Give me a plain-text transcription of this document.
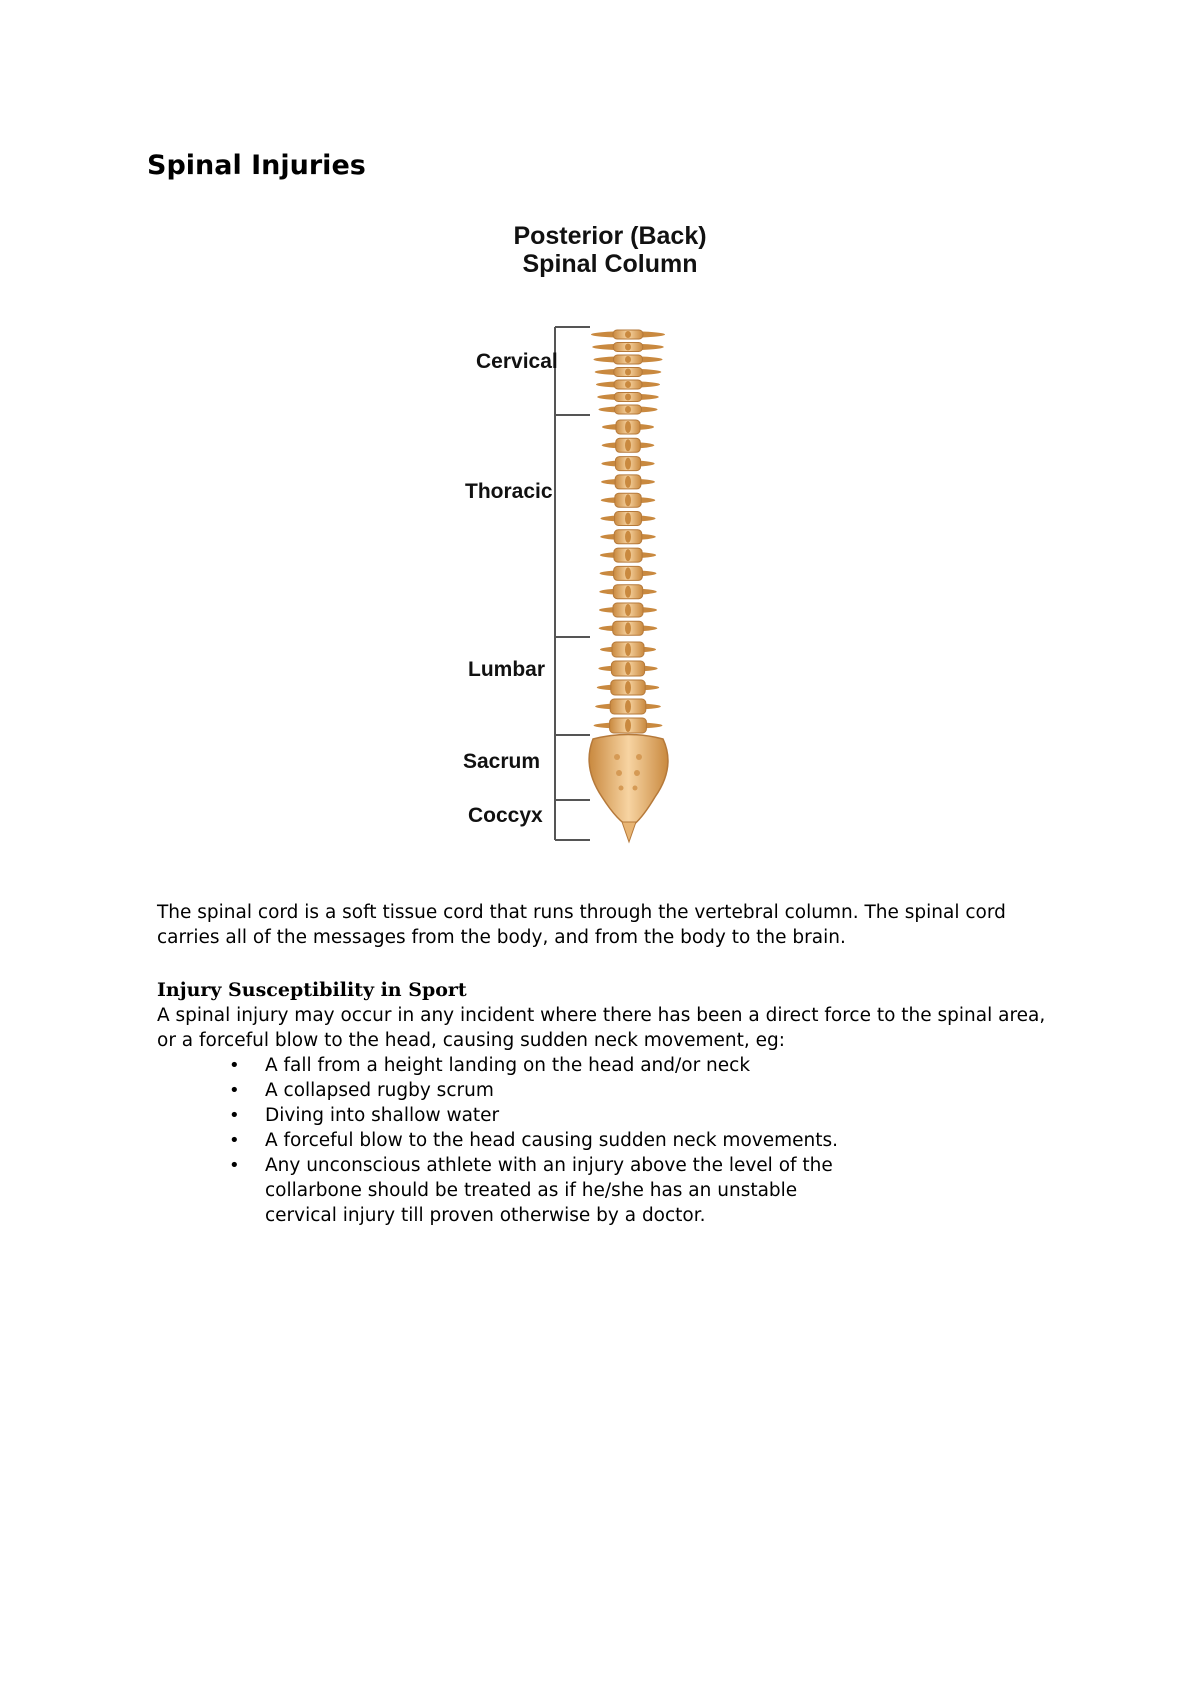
Spinal Injuries
Posterior (Back)
Spinal Column
Cervical
Thoracic
Lumbar
Sacrum
Coccyx

The spinal cord is a soft tissue cord that runs through the vertebral column. The spinal cord carries all of the messages from the body, and from the body to the brain.

Injury Susceptibility in Sport

A spinal injury may occur in any incident where there has been a direct force to the spinal area, or a forceful blow to the head, causing sudden neck movement, eg:

• A fall from a height landing on the head and/or neck
• A collapsed rugby scrum
• Diving into shallow water
• A forceful blow to the head causing sudden neck movements.
• Any unconscious athlete with an injury above the level of the collarbone should be treated as if he/she has an unstable cervical injury till proven otherwise by a doctor.
